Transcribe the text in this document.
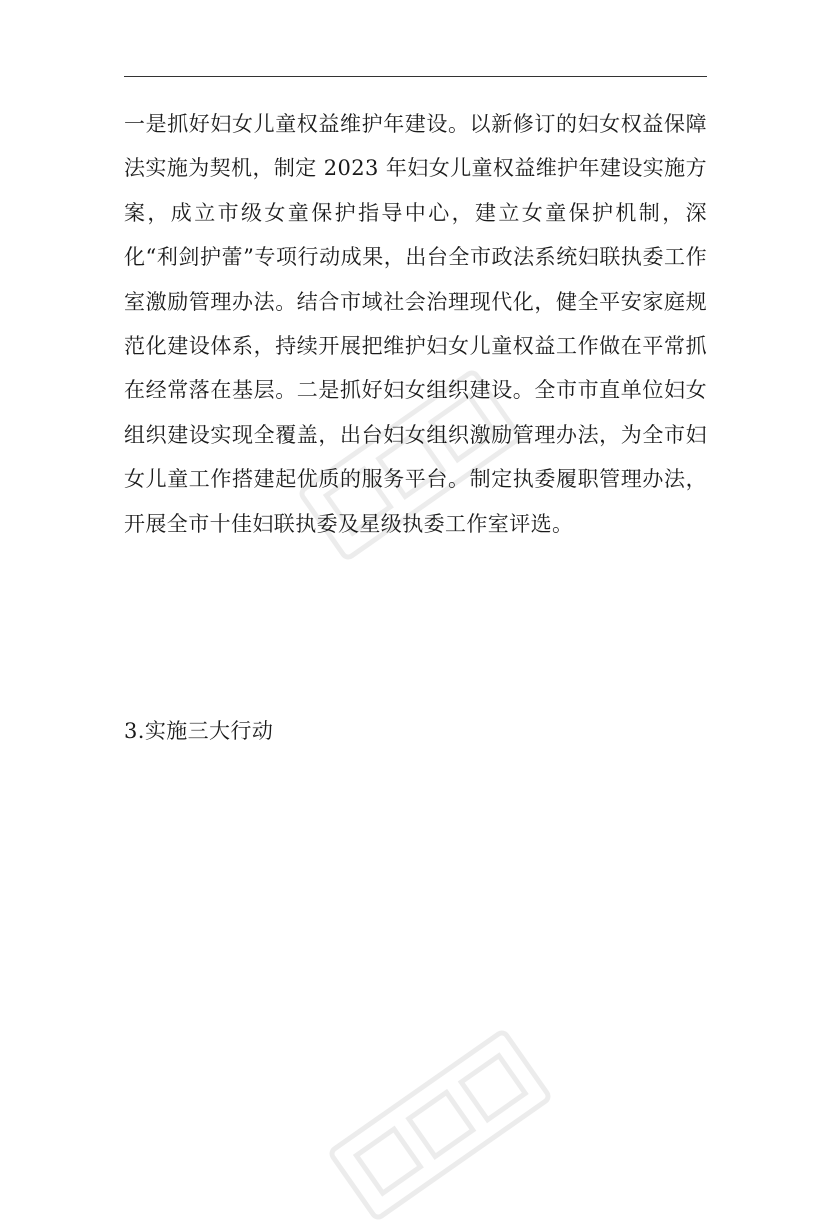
一是抓好妇女儿童权益维护年建设。以新修订的妇女权益保障法实施为契机，制定 2023 年妇女儿童权益维护年建设实施方案，成立市级女童保护指导中心，建立女童保护机制，深化“利剑护蕾”专项行动成果，出台全市政法系统妇联执委工作室激励管理办法。结合市域社会治理现代化，健全平安家庭规范化建设体系，持续开展把维护妇女儿童权益工作做在平常抓在经常落在基层。二是抓好妇女组织建设。全市市直单位妇女组织建设实现全覆盖，出台妇女组织激励管理办法，为全市妇女儿童工作搭建起优质的服务平台。制定执委履职管理办法，开展全市十佳妇联执委及星级执委工作室评选。

3.实施三大行动
